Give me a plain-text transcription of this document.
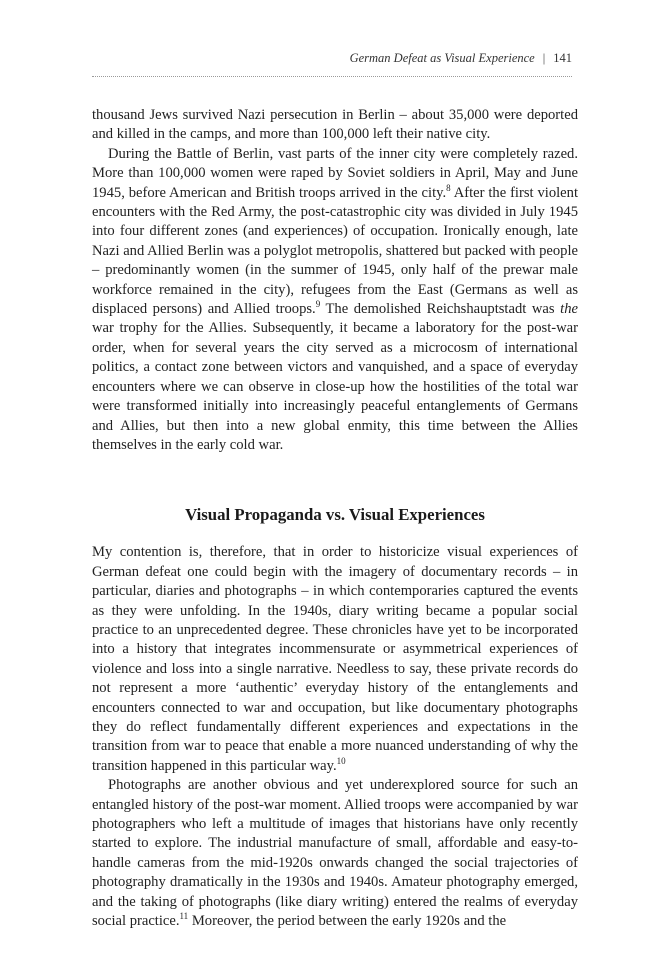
German Defeat as Visual Experience | 141

thousand Jews survived Nazi persecution in Berlin – about 35,000 were deported and killed in the camps, and more than 100,000 left their native city.

During the Battle of Berlin, vast parts of the inner city were completely razed. More than 100,000 women were raped by Soviet soldiers in April, May and June 1945, before American and British troops arrived in the city.$^8$ After the first violent encounters with the Red Army, the post-catastrophic city was divided in July 1945 into four different zones (and experiences) of occupation. Ironically enough, late Nazi and Allied Berlin was a polyglot metropolis, shattered but packed with people – predominantly women (in the summer of 1945, only half of the prewar male workforce remained in the city), refugees from the East (Germans as well as displaced persons) and Allied troops.$^9$ The demolished Reichshauptstadt was the war trophy for the Allies. Subsequently, it became a laboratory for the post-war order, when for several years the city served as a microcosm of international politics, a contact zone between victors and vanquished, and a space of everyday encounters where we can observe in close-up how the hostilities of the total war were transformed initially into increasingly peaceful entanglements of Germans and Allies, but then into a new global enmity, this time between the Allies themselves in the early cold war.

Visual Propaganda vs. Visual Experiences

My contention is, therefore, that in order to historicize visual experiences of German defeat one could begin with the imagery of documentary records – in particular, diaries and photographs – in which contemporaries captured the events as they were unfolding. In the 1940s, diary writing became a popular social practice to an unprecedented degree. These chronicles have yet to be incorporated into a history that integrates incommensurate or asymmetrical experiences of violence and loss into a single narrative. Needless to say, these private records do not represent a more ‘authentic’ everyday history of the entanglements and encounters connected to war and occupation, but like documentary photographs they do reflect fundamentally different experiences and expectations in the transition from war to peace that enable a more nuanced understanding of why the transition happened in this particular way.$^{10}$

Photographs are another obvious and yet underexplored source for such an entangled history of the post-war moment. Allied troops were accompanied by war photographers who left a multitude of images that historians have only recently started to explore. The industrial manufacture of small, affordable and easy-to-handle cameras from the mid-1920s onwards changed the social trajectories of photography dramatically in the 1930s and 1940s. Amateur photography emerged, and the taking of photographs (like diary writing) entered the realms of everyday social practice.$^{11}$ Moreover, the period between the early 1920s and the
